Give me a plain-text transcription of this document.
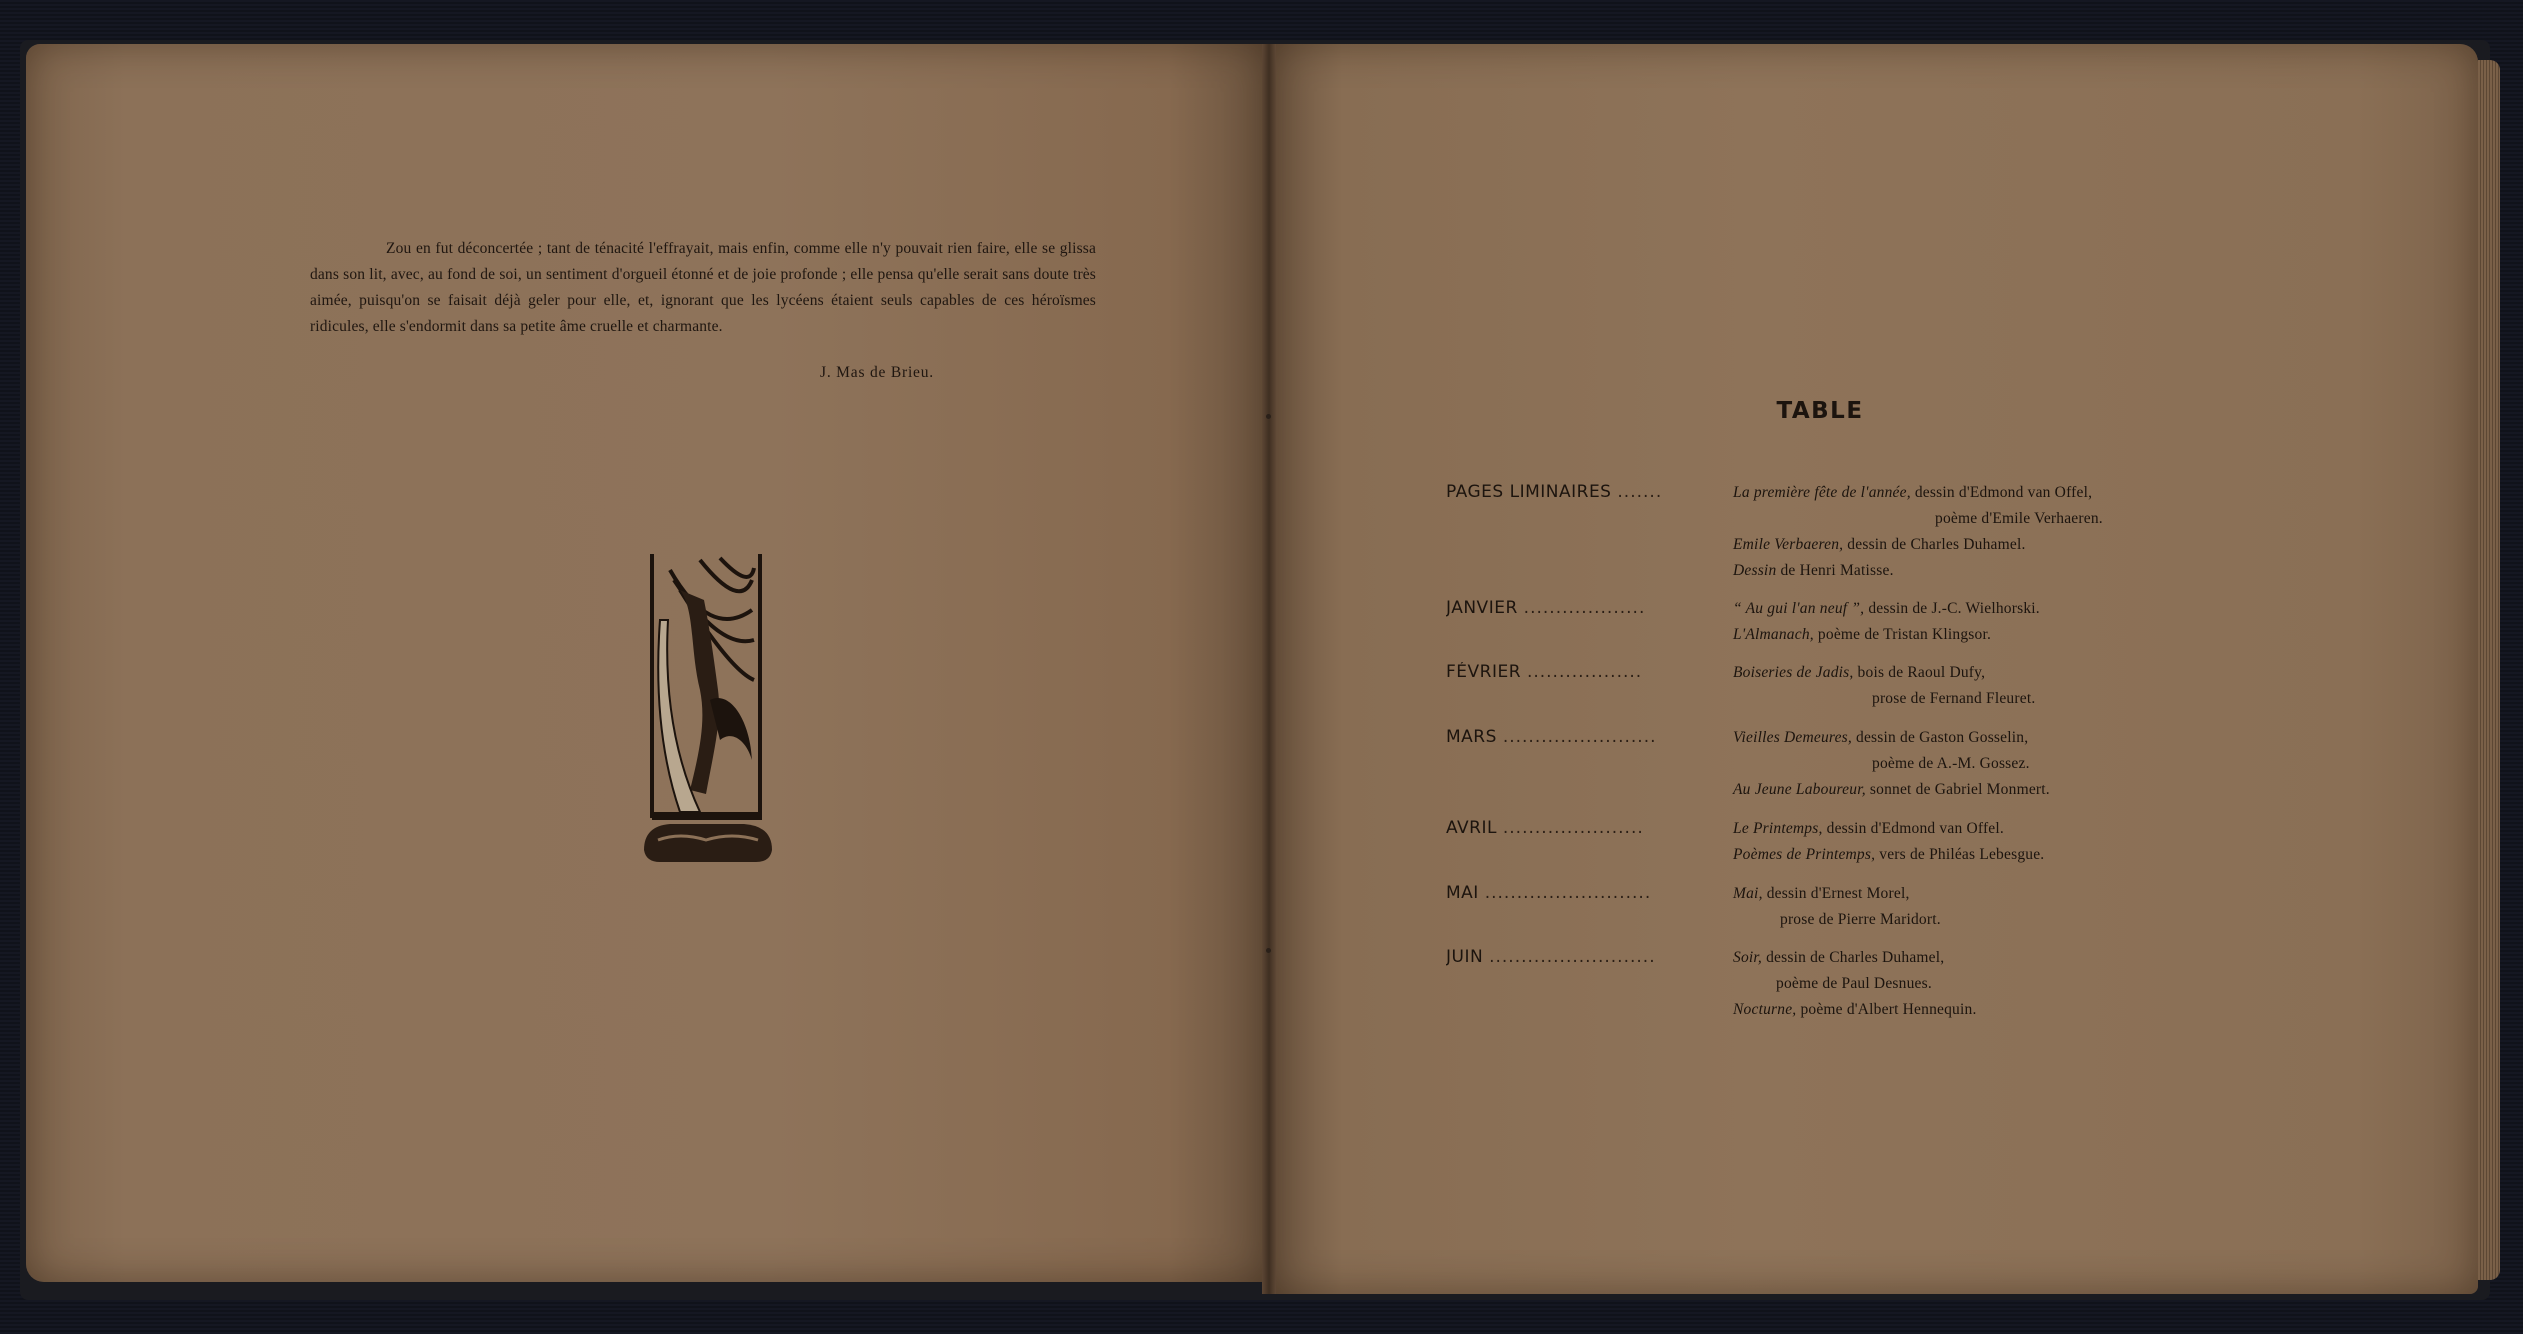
Zou en fut déconcertée ; tant de ténacité l'effrayait, mais enfin, comme elle n'y pouvait rien faire, elle se glissa dans son lit, avec, au fond de soi, un sentiment d'orgueil étonné et de joie profonde ; elle pensa qu'elle serait sans doute très aimée, puisqu'on se faisait déjà geler pour elle, et, ignorant que les lycéens étaient seuls capables de ces héroïsmes ridicules, elle s'endormit dans sa petite âme cruelle et charmante.

J. Mas de Brieu.
TABLE
PAGES LIMINAIRES .......	La première fête de l'année, dessin d'Edmond van Offel,
poème d'Emile Verhaeren.
Emile Verbaeren, dessin de Charles Duhamel.
Dessin de Henri Matisse.
JANVIER ...................	“ Au gui l'an neuf ”, dessin de J.-C. Wielhorski.
L'Almanach, poème de Tristan Klingsor.
FÉVRIER ..................	Boiseries de Jadis, bois de Raoul Dufy,
prose de Fernand Fleuret.
MARS ........................	Vieilles Demeures, dessin de Gaston Gosselin,
poème de A.-M. Gossez.
Au Jeune Laboureur, sonnet de Gabriel Monmert.
AVRIL ......................	Le Printemps, dessin d'Edmond van Offel.
Poèmes de Printemps, vers de Philéas Lebesgue.
MAI ..........................	Mai, dessin d'Ernest Morel,
prose de Pierre Maridort.
JUIN ..........................	Soir, dessin de Charles Duhamel,
poème de Paul Desnues.
Nocturne, poème d'Albert Hennequin.
